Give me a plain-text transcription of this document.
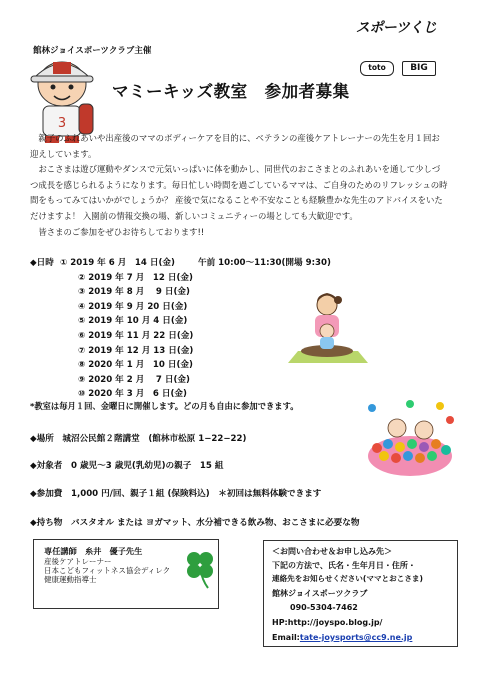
館林ジョイスポーツクラブ主催
スポーツくじ
toto	BIG
3
マミーキッズ教室　参加者募集

親子のふれあいや出産後のママのボディーケアを目的に、ベテランの産後ケアトレーナーの先生を月１回お迎えしています。

おこさまは遊び運動やダンスで元気いっぱいに体を動かし、同世代のおこさまとのふれあいを通して少しづつ成長を感じられるようになります。毎日忙しい時間を過ごしているママは、ご自身のためのリフレッシュの時間をもってみてはいかがでしょうか？ 産後で気になることや不安なことも経験豊かな先生のアドバイスをいただけますよ！ 入園前の情報交換の場、新しいコミュニティーの場としても大歓迎です。

皆さまのご参加をぜひお待ちしております!!

◆日時 ① 2019 年 6 月　14 日(金)	午前 10:00～11:30(開場 9:30)
② 2019 年 7 月　12 日(金)
③ 2019 年 8 月　 9 日(金)
④ 2019 年 9 月 20 日(金)
⑤ 2019 年 10 月 4 日(金)
⑥ 2019 年 11 月 22 日(金)
⑦ 2019 年 12 月 13 日(金)
⑧ 2020 年 1 月　10 日(金)
⑨ 2020 年 2 月　 7 日(金)
⑩ 2020 年 3 月　6 日(金)
*教室は毎月１回、金曜日に開催します。どの月も自由に参加できます。
◆場所　城沼公民館２階講堂　(館林市松原 1−22−22)
◆対象者　0 歳児～3 歳児(乳幼児)の親子　15 組
◆参加費　1,000 円/回、親子１組 (保険料込)　＊初回は無料体験できます
◆持ち物　バスタオル または ヨガマット、水分補できる飲み物、おこさまに必要な物
専任講師　糸井　優子先生
産後ケアトレーナー
日本こどもフィットネス協会ディレク
健康運動指導士
＜お問い合わせ＆お申し込み先＞
下記の方法で、氏名・生年月日・住所・
連絡先をお知らせください(ママとおこさま)
館林ジョイスポーツクラブ
090-5304-7462
HP:http://joyspo.blog.jp/
Email:tate-joysports@cc9.ne.jp
